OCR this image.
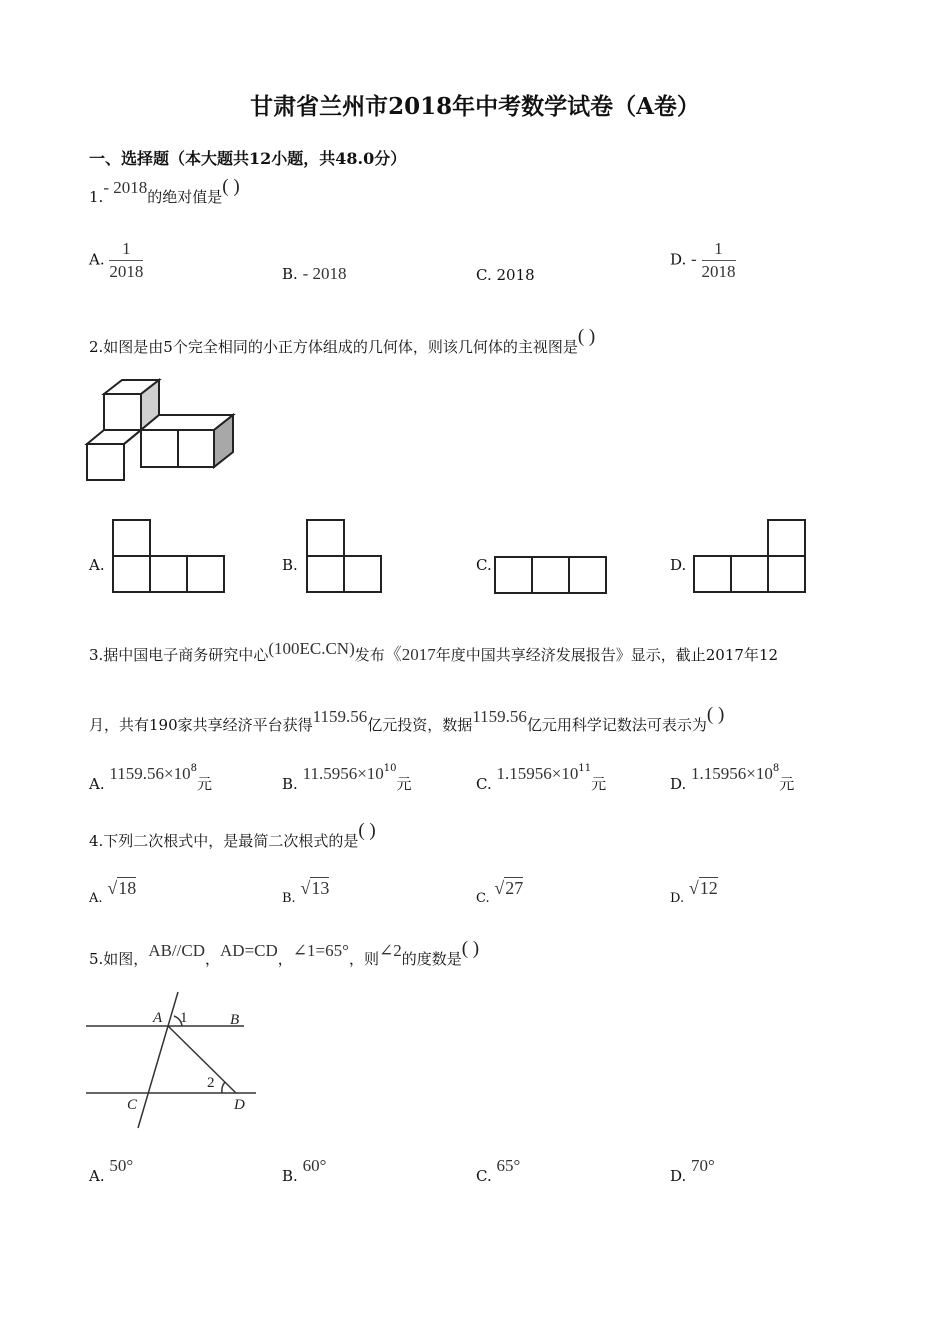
甘肃省兰州市2018年中考数学试卷（A卷）
一、选择题（本大题共12小题，共48.0分）
1.- 2018的绝对值是( )
A. $\frac{1}{2018}$	B. - 2018	C. 2018
D. - $\frac{1}{2018}$
2.如图是由5个完全相同的小正方体组成的几何体，则该几何体的主视图是( )
A.	B.	C.	D.
3.据中国电子商务研究中心(100EC.CN)发布《2017年度中国共享经济发展报告》显示，截止2017年12
月，共有190家共享经济平台获得1159.56亿元投资，数据1159.56亿元用科学记数法可表示为( )
A. $1159.56\times 10^8$元	B. $11.5956\times 10^{10}$元	C. $1.15956\times 10^{11}$元	D. $1.15956\times 10^8$元
4.下列二次根式中，是最简二次根式的是( )
A. √18
B. √13
C. √27
D. √12
5.如图，AB//CD，AD=CD，∠1=65°，则∠2的度数是( )
A	B
C	D
1
2
A. 50°
B. 60°
C. 65°
D. 70°
